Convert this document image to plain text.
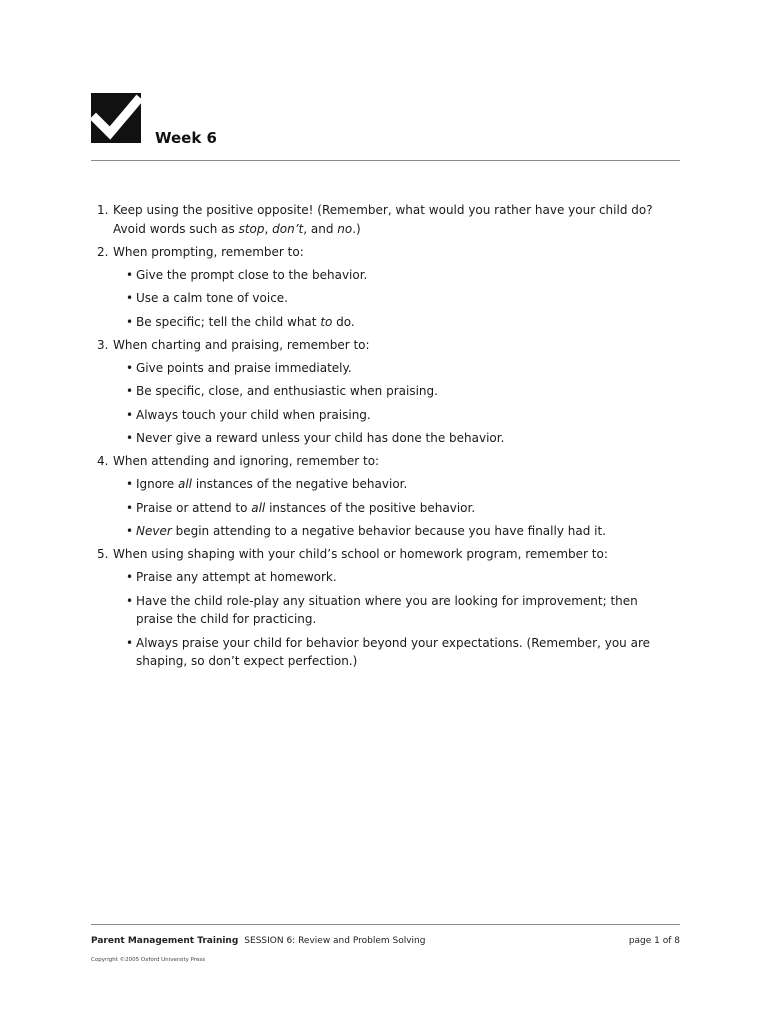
Week 6
1. Keep using the positive opposite! (Remember, what would you rather have your child do? Avoid words such as stop, don’t, and no.)
2. When prompting, remember to:
• Give the prompt close to the behavior.
• Use a calm tone of voice.
• Be specific; tell the child what to do.
3. When charting and praising, remember to:
• Give points and praise immediately.
• Be specific, close, and enthusiastic when praising.
• Always touch your child when praising.
• Never give a reward unless your child has done the behavior.
4. When attending and ignoring, remember to:
• Ignore all instances of the negative behavior.
• Praise or attend to all instances of the positive behavior.
• Never begin attending to a negative behavior because you have finally had it.
5. When using shaping with your child’s school or homework program, remember to:
• Praise any attempt at homework.
• Have the child role-play any situation where you are looking for improvement; then praise the child for practicing.
• Always praise your child for behavior beyond your expectations. (Remember, you are shaping, so don’t expect perfection.)
Parent Management Training SESSION 6: Review and Problem Solving	page 1 of 8
Copyright ©2005 Oxford University Press
